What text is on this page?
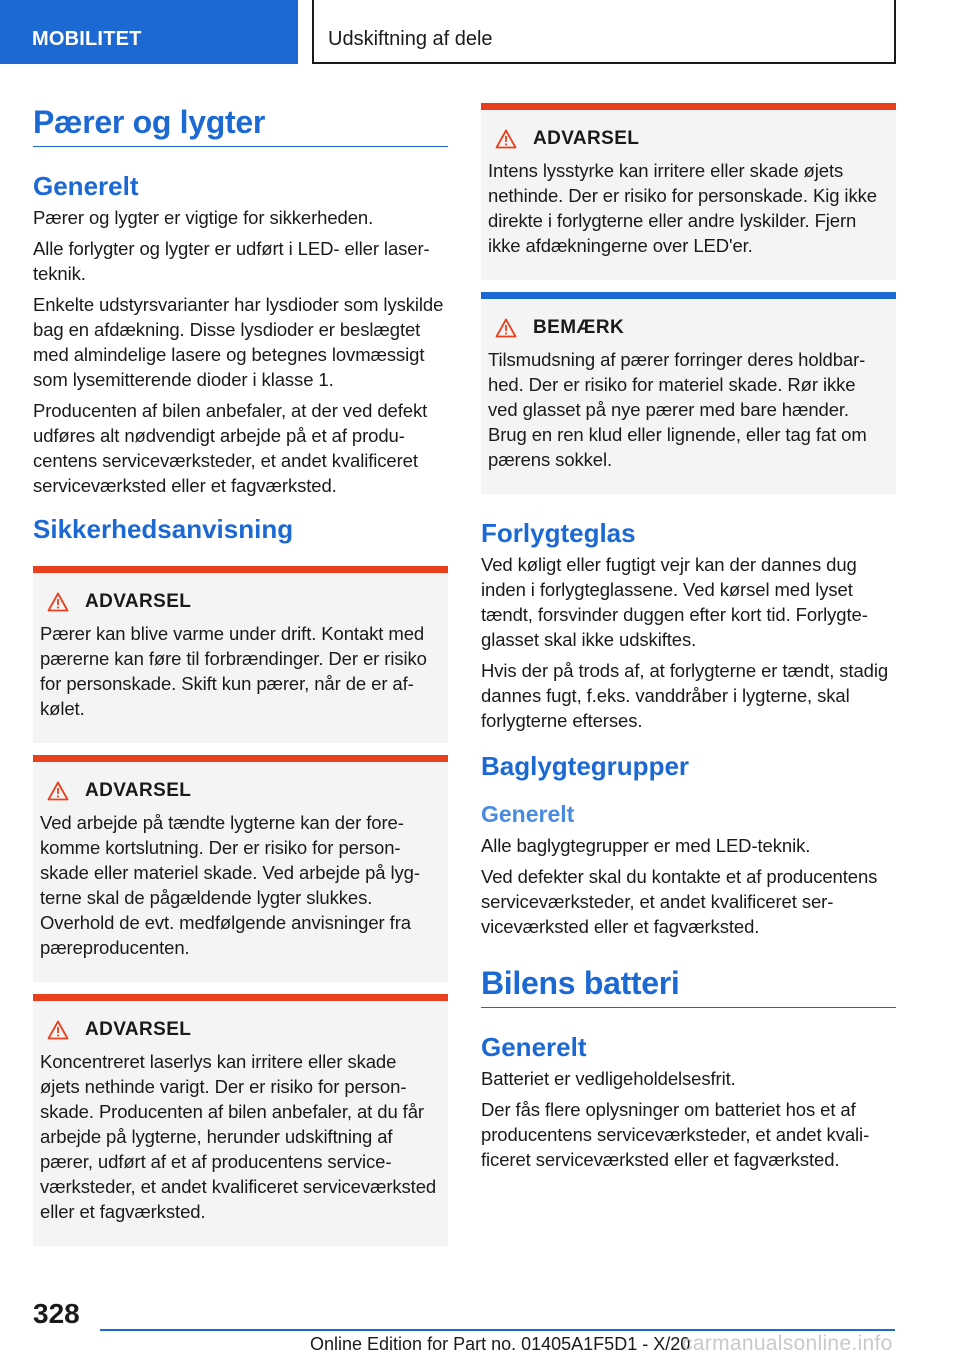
MOBILITET	Udskiftning af dele
Pærer og lygter
Generelt

Pærer og lygter er vigtige for sikkerheden.

Alle forlygter og lygter er udført i LED- eller laserteknik.

Enkelte udstyrsvarianter har lysdioder som lyskilde bag en afdækning. Disse lysdioder er beslægtet med almindelige lasere og betegnes lovmæssigt som lysemitterende dioder i klasse 1.

Producenten af bilen anbefaler, at der ved defekt udføres alt nødvendigt arbejde på et af producentens serviceværksteder, et andet kvalificeret serviceværksted eller et fagværksted.

Sikkerhedsanvisning
ADVARSEL
Pærer kan blive varme under drift. Kontakt med pærerne kan føre til forbrændinger. Der er risiko for personskade. Skift kun pærer, når de er afkølet.
ADVARSEL
Ved arbejde på tændte lygterne kan der forekomme kortslutning. Der er risiko for personskade eller materiel skade. Ved arbejde på lygterne skal de pågældende lygter slukkes. Overhold de evt. medfølgende anvisninger fra pæreproducenten.
ADVARSEL
Koncentreret laserlys kan irritere eller skade øjets nethinde varigt. Der er risiko for personskade. Producenten af bilen anbefaler, at du får arbejde på lygterne, herunder udskiftning af pærer, udført af et af producentens serviceværksteder, et andet kvalificeret serviceværksted eller et fagværksted.
ADVARSEL
Intens lysstyrke kan irritere eller skade øjets nethinde. Der er risiko for personskade. Kig ikke direkte i forlygterne eller andre lyskilder. Fjern ikke afdækningerne over LED'er.
BEMÆRK
Tilsmudsning af pærer forringer deres holdbarhed. Der er risiko for materiel skade. Rør ikke ved glasset på nye pærer med bare hænder. Brug en ren klud eller lignende, eller tag fat om pærens sokkel.
Forlygteglas

Ved køligt eller fugtigt vejr kan der dannes dug inden i forlygteglassene. Ved kørsel med lyset tændt, forsvinder duggen efter kort tid. Forlygteglasset skal ikke udskiftes.

Hvis der på trods af, at forlygterne er tændt, stadig dannes fugt, f.eks. vanddråber i lygterne, skal forlygterne efterses.

Baglygtegrupper
Generelt

Alle baglygtegrupper er med LED-teknik.

Ved defekter skal du kontakte et af producentens serviceværksteder, et andet kvalificeret serviceværksted eller et fagværksted.

Bilens batteri
Generelt

Batteriet er vedligeholdelsesfrit.

Der fås flere oplysninger om batteriet hos et af producentens serviceværksteder, et andet kvalificeret serviceværksted eller et fagværksted.

328
Online Edition for Part no. 01405A1F5D1 - X/20
carmanualsonline.info
